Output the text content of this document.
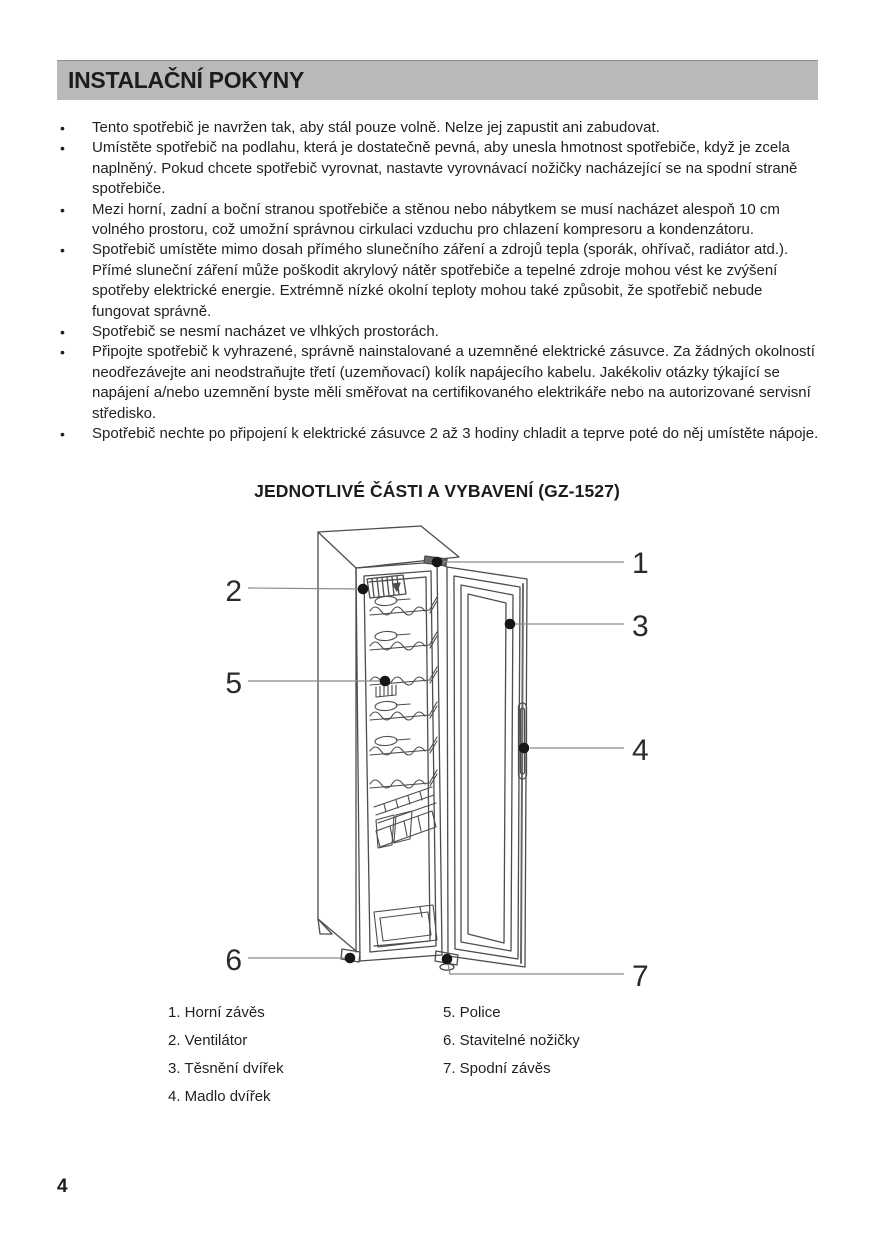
INSTALAČNÍ POKYNY
• Tento spotřebič je navržen tak, aby stál pouze volně. Nelze jej zapustit ani zabudovat.
• Umístěte spotřebič na podlahu, která je dostatečně pevná, aby unesla hmotnost spotřebiče, když je zcela naplněný. Pokud chcete spotřebič vyrovnat, nastavte vyrovnávací nožičky nacházející se na spodní straně spotřebiče.
• Mezi horní, zadní a boční stranou spotřebiče a stěnou nebo nábytkem se musí nacházet alespoň 10 cm volného prostoru, což umožní správnou cirkulaci vzduchu pro chlazení kompresoru a kondenzátoru.
• Spotřebič umístěte mimo dosah přímého slunečního záření a zdrojů tepla (sporák, ohřívač, radiátor atd.). Přímé sluneční záření může poškodit akrylový nátěr spotřebiče a tepelné zdroje mohou vést ke zvýšení spotřeby elektrické energie. Extrémně nízké okolní teploty mohou také způsobit, že spotřebič nebude fungovat správně.
• Spotřebič se nesmí nacházet ve vlhkých prostorách.
• Připojte spotřebič k vyhrazené, správně nainstalované a uzemněné elektrické zásuvce. Za žádných okolností neodřezávejte ani neodstraňujte třetí (uzemňovací) kolík napájecího kabelu. Jakékoliv otázky týkající se napájení a/nebo uzemnění byste měli směřovat na certifikovaného elektrikáře nebo na autorizované servisní středisko.
• Spotřebič nechte po připojení k elektrické zásuvce 2 až 3 hodiny chladit a teprve poté do něj umístěte nápoje.
JEDNOTLIVÉ ČÁSTI A VYBAVENÍ (GZ-1527)
1
2
3
4
5
6	7
1. Horní závěs
2. Ventilátor
3. Těsnění dvířek
4. Madlo dvířek
5. Police
6. Stavitelné nožičky
7. Spodní závěs
4
